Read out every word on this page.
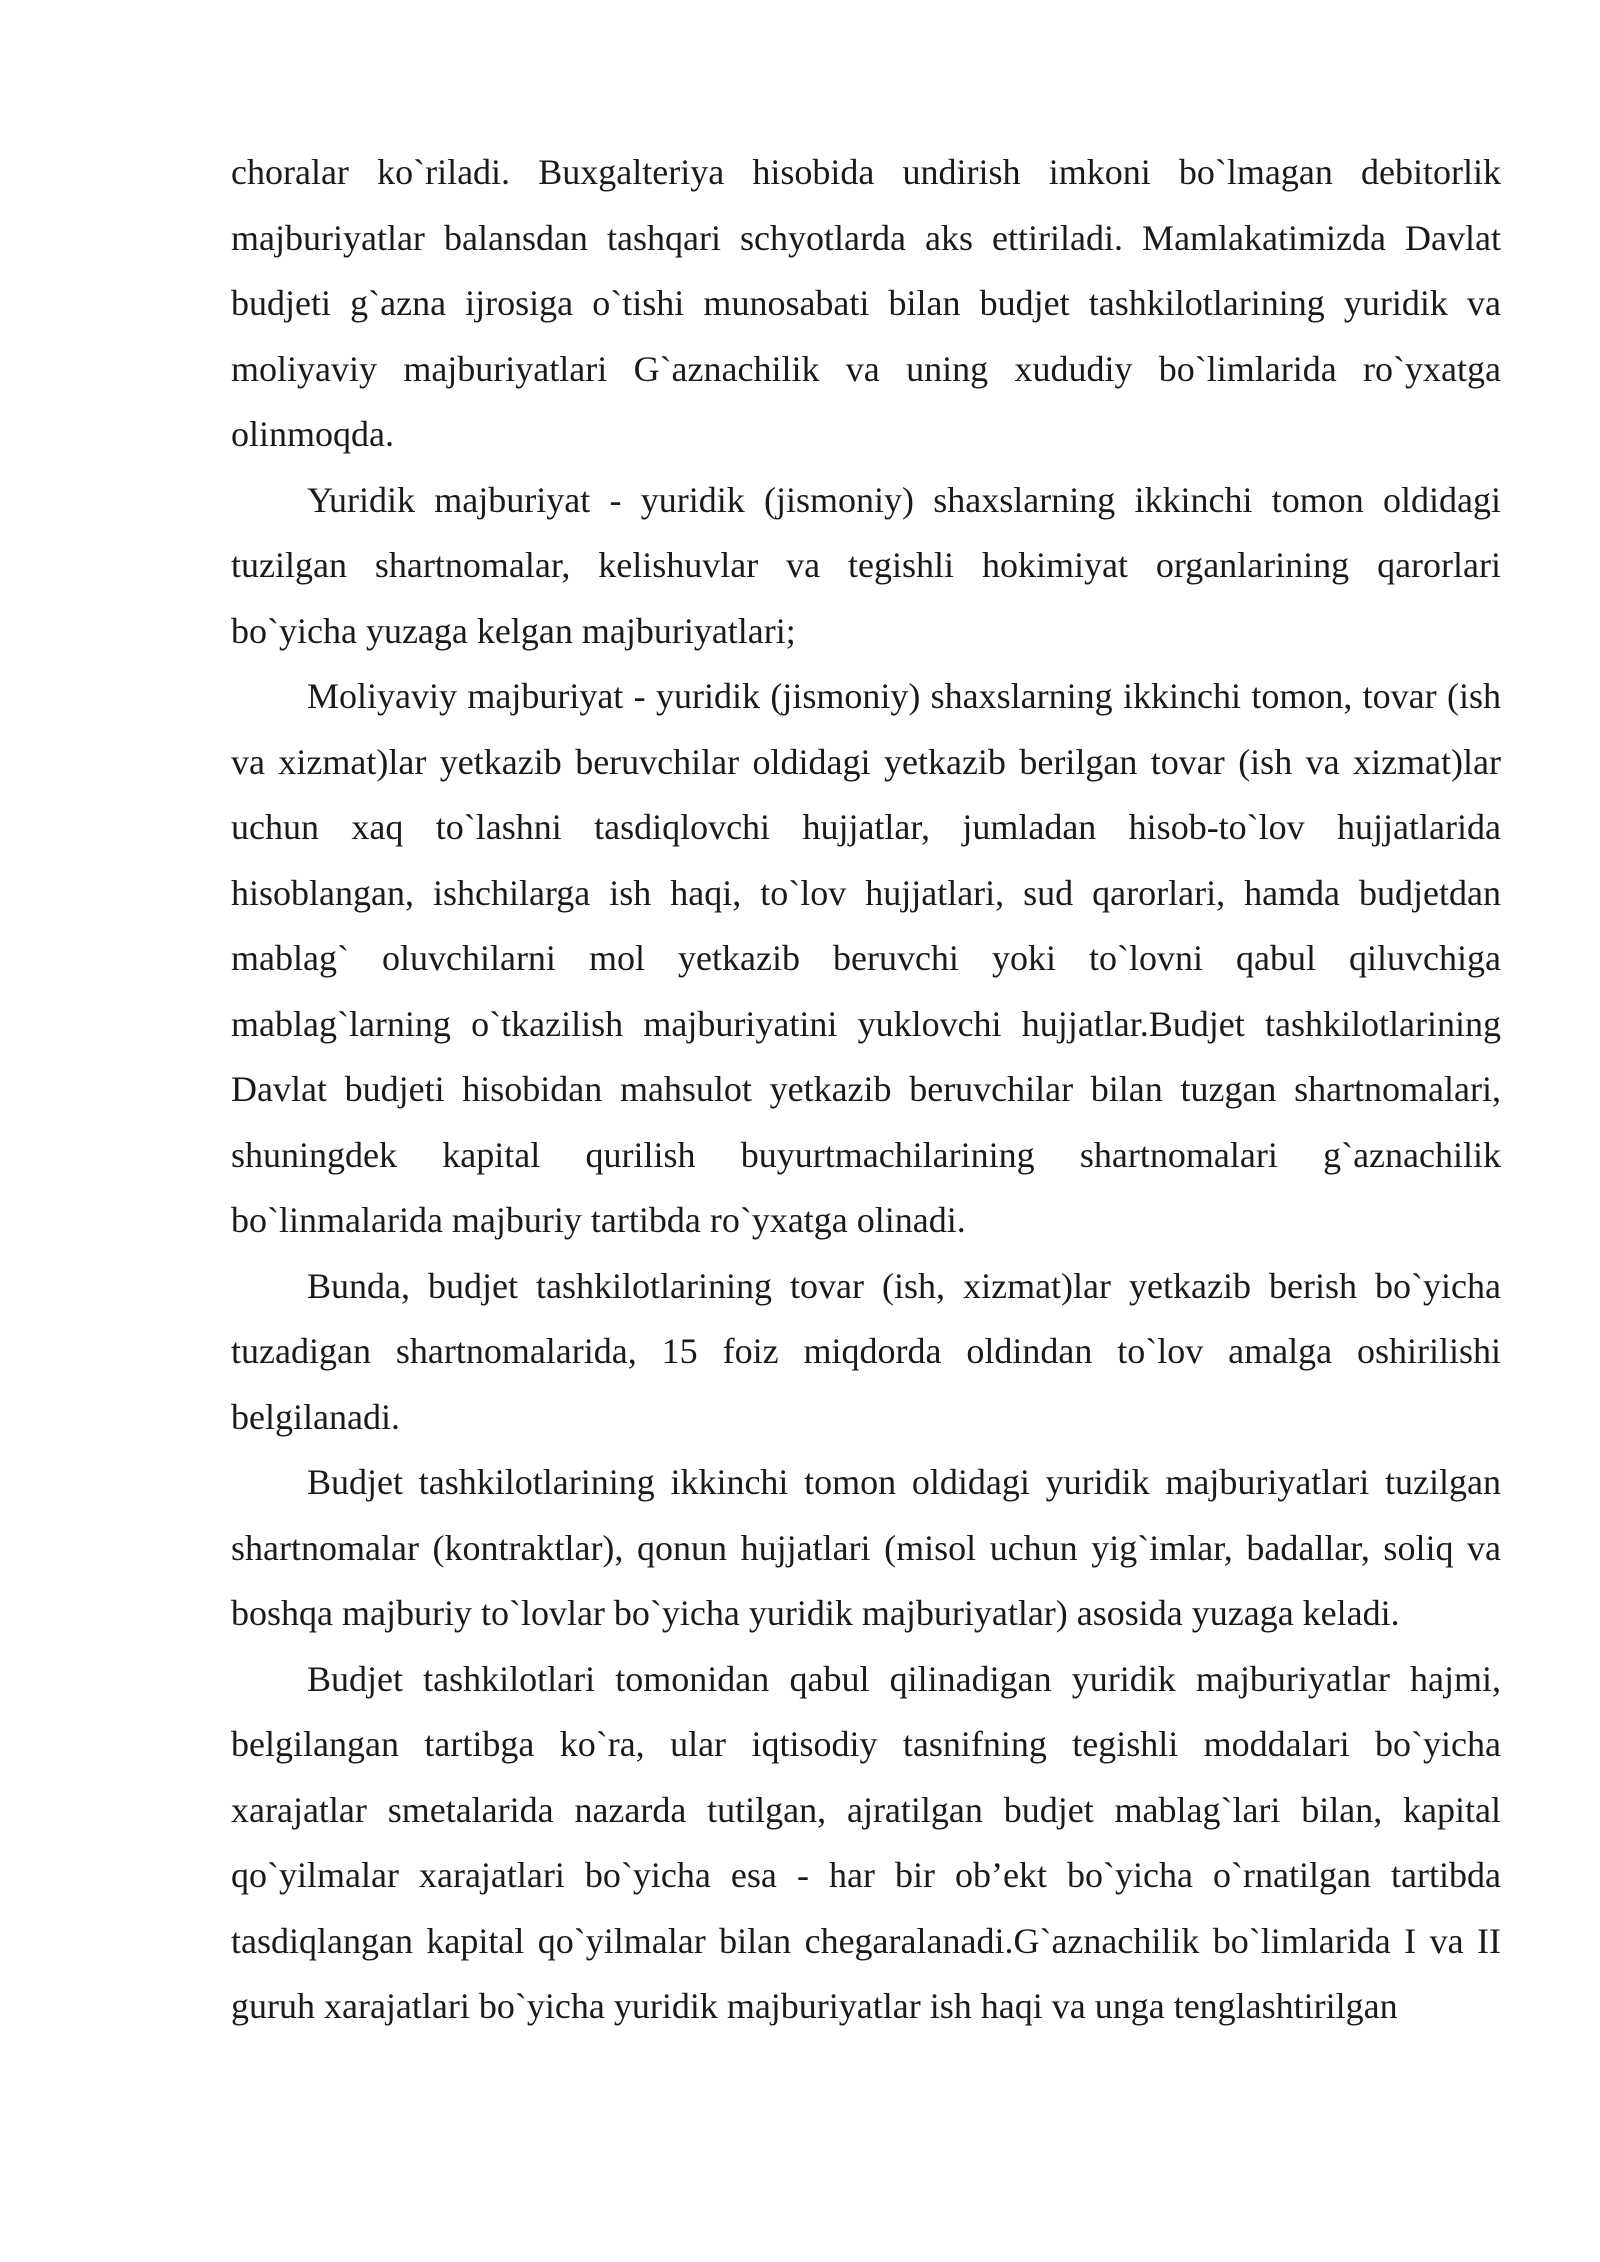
choralar ko`riladi. Buxgalteriya hisobida undirish imkoni bo`lmagan debitorlik majburiyatlar balansdan tashqari schyotlarda aks ettiriladi. Mamlakatimizda Davlat budjeti g`azna ijrosiga o`tishi munosabati bilan budjet tashkilotlarining yuridik va moliyaviy majburiyatlari G`aznachilik va uning xududiy bo`limlarida ro`yxatga olinmoqda.

Yuridik majburiyat - yuridik (jismoniy) shaxslarning ikkinchi tomon oldidagi tuzilgan shartnomalar, kelishuvlar va tegishli hokimiyat organlarining qarorlari bo`yicha yuzaga kelgan majburiyatlari;

Moliyaviy majburiyat - yuridik (jismoniy) shaxslarning ikkinchi tomon, tovar (ish va xizmat)lar yetkazib beruvchilar oldidagi yetkazib berilgan tovar (ish va xizmat)lar uchun xaq to`lashni tasdiqlovchi hujjatlar, jumladan hisob-to`lov hujjatlarida hisoblangan, ishchilarga ish haqi, to`lov hujjatlari, sud qarorlari, hamda budjetdan mablag` oluvchilarni mol yetkazib beruvchi yoki to`lovni qabul qiluvchiga mablag`larning o`tkazilish majburiyatini yuklovchi hujjatlar.Budjet tashkilotlarining Davlat budjeti hisobidan mahsulot yetkazib beruvchilar bilan tuzgan shartnomalari, shuningdek kapital qurilish buyurtmachilarining shartnomalari g`aznachilik bo`linmalarida majburiy tartibda ro`yxatga olinadi.

Bunda, budjet tashkilotlarining tovar (ish, xizmat)lar yetkazib berish bo`yicha tuzadigan shartnomalarida, 15 foiz miqdorda oldindan to`lov amalga oshirilishi belgilanadi.

Budjet tashkilotlarining ikkinchi tomon oldidagi yuridik majburiyatlari tuzilgan shartnomalar (kontraktlar), qonun hujjatlari (misol uchun yig`imlar, badallar, soliq va boshqa majburiy to`lovlar bo`yicha yuridik majburiyatlar) asosida yuzaga keladi.

Budjet tashkilotlari tomonidan qabul qilinadigan yuridik majburiyatlar hajmi, belgilangan tartibga ko`ra, ular iqtisodiy tasnifning tegishli moddalari bo`yicha xarajatlar smetalarida nazarda tutilgan, ajratilgan budjet mablag`lari bilan, kapital qo`yilmalar xarajatlari bo`yicha esa - har bir ob’ekt bo`yicha o`rnatilgan tartibda tasdiqlangan kapital qo`yilmalar bilan chegaralanadi.G`aznachilik bo`limlarida I va II guruh xarajatlari bo`yicha yuridik majburiyatlar ish haqi va unga tenglashtirilgan
